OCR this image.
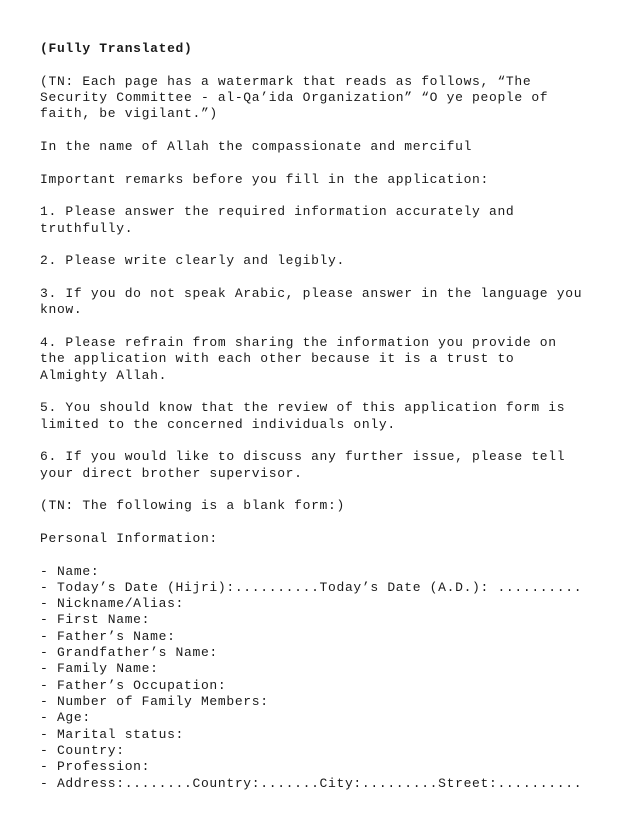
(Fully Translated)
(TN: Each page has a watermark that reads as follows, “The
Security Committee - al-Qa’ida Organization” “O ye people of
faith, be vigilant.”)
In the name of Allah the compassionate and merciful
Important remarks before you fill in the application:
1. Please answer the required information accurately and
truthfully.
2. Please write clearly and legibly.
3. If you do not speak Arabic, please answer in the language you
know.
4. Please refrain from sharing the information you provide on
the application with each other because it is a trust to
Almighty Allah.
5. You should know that the review of this application form is
limited to the concerned individuals only.
6. If you would like to discuss any further issue, please tell
your direct brother supervisor.
(TN: The following is a blank form:)
Personal Information:
- Name:
- Today’s Date (Hijri):..........Today’s Date (A.D.): ..........
- Nickname/Alias:
- First Name:
- Father’s Name:
- Grandfather’s Name:
- Family Name:
- Father’s Occupation:
- Number of Family Members:
- Age:
- Marital status:
- Country:
- Profession:
- Address:........Country:.......City:.........Street:..........
